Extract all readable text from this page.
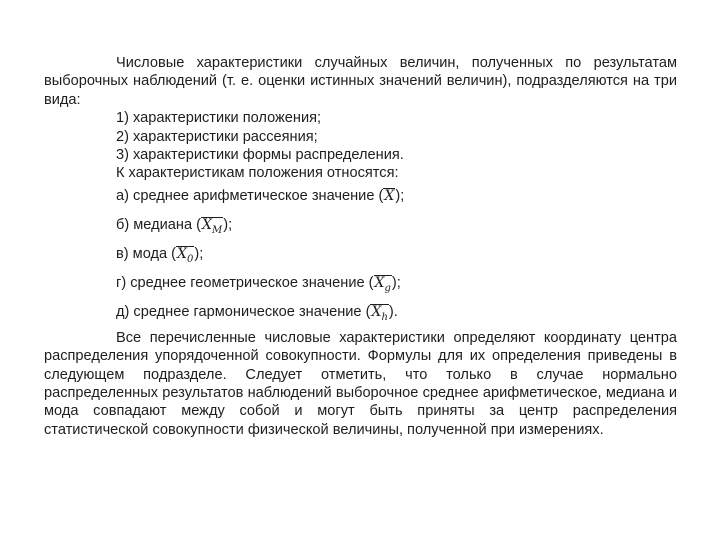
Числовые характеристики случайных величин, полученных по результатам выборочных наблюдений (т. е. оценки истинных значений величин), подразделяются на три вида:

1) характеристики положения;

2) характеристики рассеяния;

3) характеристики формы распределения.

К характеристикам положения относятся:

а) среднее арифметическое значение (X);

б) медиана $(X_M)$;

в) мода $(X_0)$;

г) среднее геометрическое значение $(X_g)$;

д) среднее гармоническое значение $(X_h)$.

Все перечисленные числовые характеристики определяют координату центра распределения упорядоченной совокупности. Формулы для их определения приведены в следующем подразделе. Следует отметить, что только в случае нормально распределенных результатов наблюдений выборочное среднее арифметическое, медиана и мода совпадают между собой и могут быть приняты за центр распределения статистической совокупности физической величины, полученной при измерениях.
